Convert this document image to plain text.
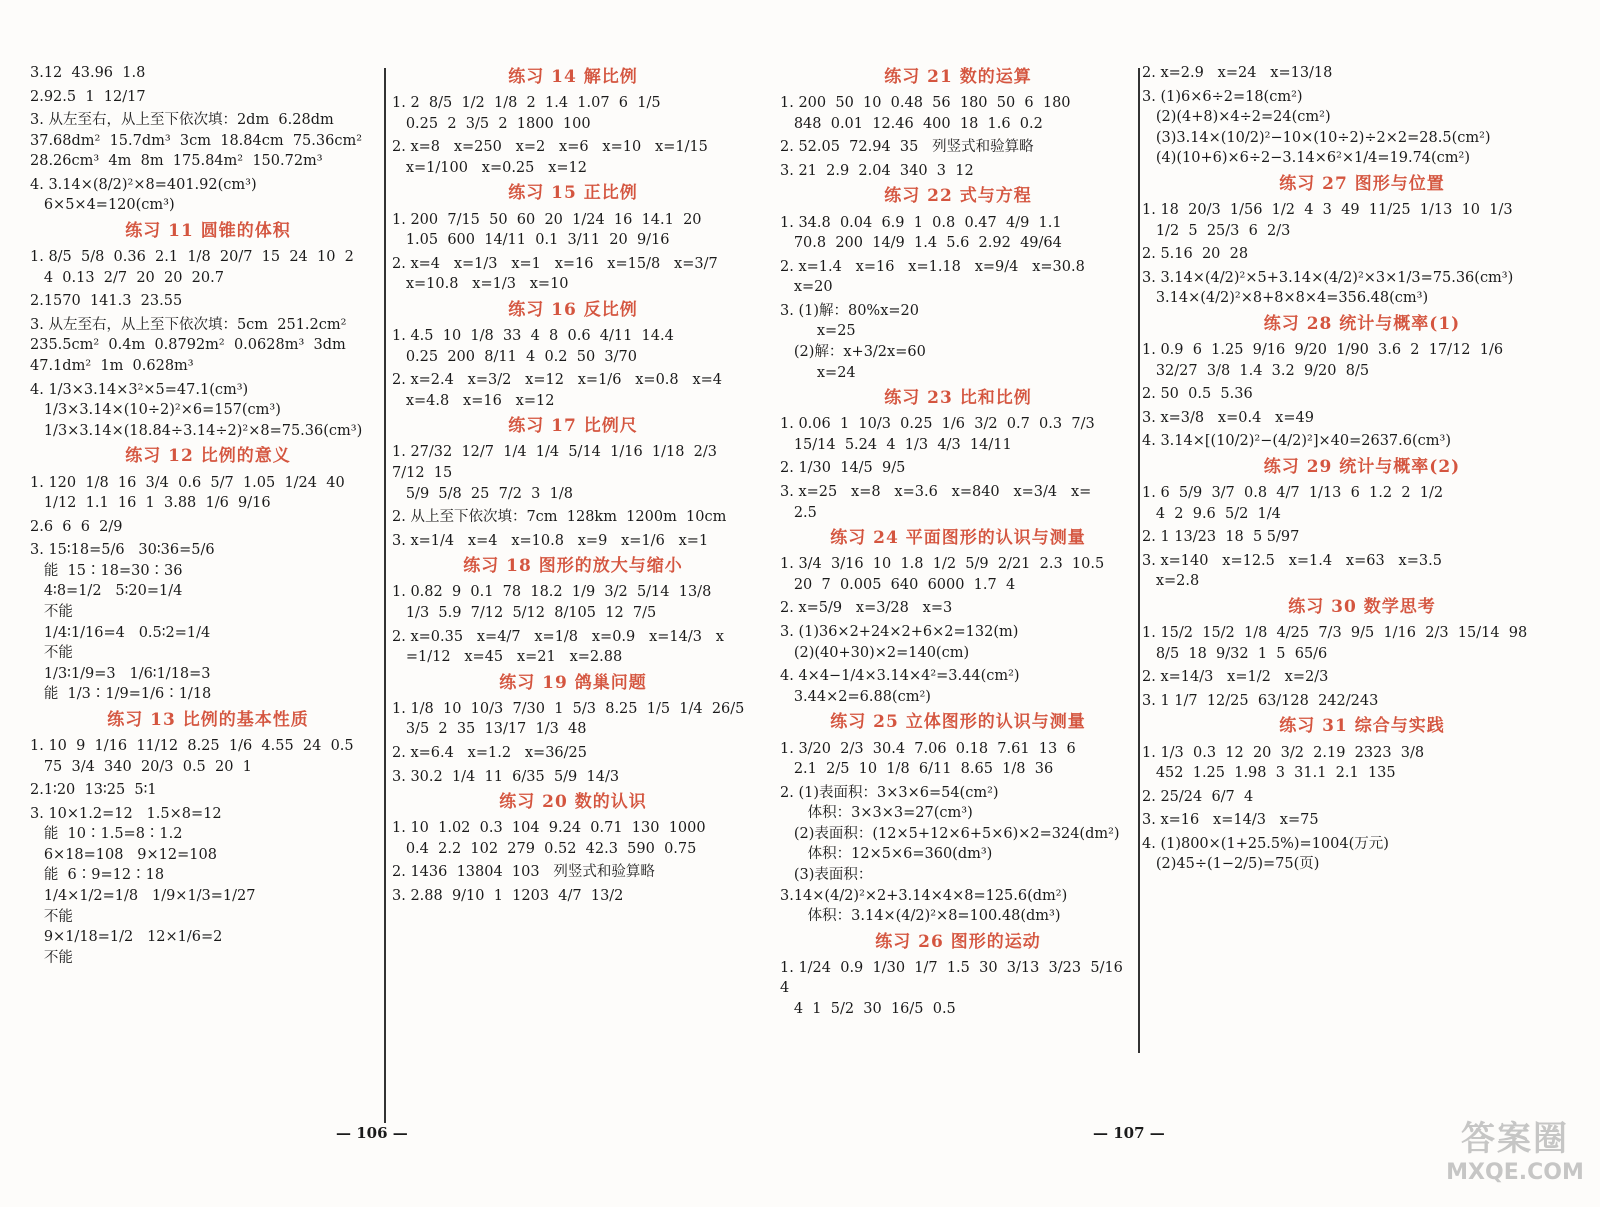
3.12  43.96  1.8
2.92.5  1  12/17
3. 从左至右，从上至下依次填：2dm  6.28dm  37.68dm²  15.7dm³  3cm  18.84cm  75.36cm²  28.26cm³  4m  8m  175.84m²  150.72m³
4. 3.14×(8/2)²×8=401.92(cm³)
6×5×4=120(cm³)
练习 11 圆锥的体积
1. 8/5  5/8  0.36  2.1  1/8  20/7  15  24  10  2
4  0.13  2/7  20  20  20.7
2.1570  141.3  23.55
3. 从左至右，从上至下依次填：5cm  251.2cm²  235.5cm²  0.4m  0.8792m²  0.0628m³  3dm  47.1dm²  1m  0.628m³
4. 1/3×3.14×3²×5=47.1(cm³)
1/3×3.14×(10÷2)²×6=157(cm³)
1/3×3.14×(18.84÷3.14÷2)²×8=75.36(cm³)
练习 12 比例的意义
1. 120  1/8  16  3/4  0.6  5/7  1.05  1/24  40
1/12  1.1  16  1  3.88  1/6  9/16
2.6  6  6  2/9
3. 15∶18=5/6   30∶36=5/6
能  15∶18=30∶36
4∶8=1/2   5∶20=1/4
不能
1/4∶1/16=4   0.5∶2=1/4
不能
1/3∶1/9=3   1/6∶1/18=3
能  1/3∶1/9=1/6∶1/18
练习 13 比例的基本性质
1. 10  9  1/16  11/12  8.25  1/6  4.55  24  0.5
75  3/4  340  20/3  0.5  20  1
2.1∶20  13∶25  5∶1
3. 10×1.2=12   1.5×8=12
能  10∶1.5=8∶1.2
6×18=108   9×12=108
能  6∶9=12∶18
1/4×1/2=1/8   1/9×1/3=1/27
不能
9×1/18=1/2   12×1/6=2
不能
练习 14 解比例
1. 2  8/5  1/2  1/8  2  1.4  1.07  6  1/5
0.25  2  3/5  2  1800  100
2. x=8   x=250   x=2   x=6   x=10   x=1/15
x=1/100   x=0.25   x=12
练习 15 正比例
1. 200  7/15  50  60  20  1/24  16  14.1  20
1.05  600  14/11  0.1  3/11  20  9/16
2. x=4   x=1/3   x=1   x=16   x=15/8   x=3/7
x=10.8   x=1/3   x=10
练习 16 反比例
1. 4.5  10  1/8  33  4  8  0.6  4/11  14.4
0.25  200  8/11  4  0.2  50  3/70
2. x=2.4   x=3/2   x=12   x=1/6   x=0.8   x=4
x=4.8   x=16   x=12
练习 17 比例尺
1. 27/32  12/7  1/4  1/4  5/14  1/16  1/18  2/3  7/12  15
5/9  5/8  25  7/2  3  1/8
2. 从上至下依次填：7cm  128km  1200m  10cm
3. x=1/4   x=4   x=10.8   x=9   x=1/6   x=1
练习 18 图形的放大与缩小
1. 0.82  9  0.1  78  18.2  1/9  3/2  5/14  13/8
1/3  5.9  7/12  5/12  8/105  12  7/5
2. x=0.35   x=4/7   x=1/8   x=0.9   x=14/3   x
=1/12   x=45   x=21   x=2.88
练习 19 鸽巢问题
1. 1/8  10  10/3  7/30  1  5/3  8.25  1/5  1/4  26/5
3/5  2  35  13/17  1/3  48
2. x=6.4   x=1.2   x=36/25
3. 30.2  1/4  11  6/35  5/9  14/3
练习 20 数的认识
1. 10  1.02  0.3  104  9.24  0.71  130  1000
0.4  2.2  102  279  0.52  42.3  590  0.75
2. 1436  13804  103   列竖式和验算略
3. 2.88  9/10  1  1203  4/7  13/2
练习 21 数的运算
1. 200  50  10  0.48  56  180  50  6  180
848  0.01  12.46  400  18  1.6  0.2
2. 52.05  72.94  35   列竖式和验算略
3. 21  2.9  2.04  340  3  12
练习 22 式与方程
1. 34.8  0.04  6.9  1  0.8  0.47  4/9  1.1
70.8  200  14/9  1.4  5.6  2.92  49/64
2. x=1.4   x=16   x=1.18   x=9/4   x=30.8
x=20
3. (1)解：80%x=20
x=25
(2)解：x+3/2x=60
x=24
练习 23 比和比例
1. 0.06  1  10/3  0.25  1/6  3/2  0.7  0.3  7/3
15/14  5.24  4  1/3  4/3  14/11
2. 1/30  14/5  9/5
3. x=25   x=8   x=3.6   x=840   x=3/4   x=
2.5
练习 24 平面图形的认识与测量
1. 3/4  3/16  10  1.8  1/2  5/9  2/21  2.3  10.5
20  7  0.005  640  6000  1.7  4
2. x=5/9   x=3/28   x=3
3. (1)36×2+24×2+6×2=132(m)
(2)(40+30)×2=140(cm)
4. 4×4−1/4×3.14×4²=3.44(cm²)
3.44×2=6.88(cm²)
练习 25 立体图形的认识与测量
1. 3/20  2/3  30.4  7.06  0.18  7.61  13  6
2.1  2/5  10  1/8  6/11  8.65  1/8  36
2. (1)表面积：3×3×6=54(cm²)
体积：3×3×3=27(cm³)
(2)表面积：(12×5+12×6+5×6)×2=324(dm²)
体积：12×5×6=360(dm³)
(3)表面积：3.14×(4/2)²×2+3.14×4×8=125.6(dm²)
体积：3.14×(4/2)²×8=100.48(dm³)
练习 26 图形的运动
1. 1/24  0.9  1/30  1/7  1.5  30  3/13  3/23  5/16  4
4  1  5/2  30  16/5  0.5
2. x=2.9   x=24   x=13/18
3. (1)6×6÷2=18(cm²)
(2)(4+8)×4÷2=24(cm²)
(3)3.14×(10/2)²−10×(10÷2)÷2×2=28.5(cm²)
(4)(10+6)×6÷2−3.14×6²×1/4=19.74(cm²)
练习 27 图形与位置
1. 18  20/3  1/56  1/2  4  3  49  11/25  1/13  10  1/3
1/2  5  25/3  6  2/3
2. 5.16  20  28
3. 3.14×(4/2)²×5+3.14×(4/2)²×3×1/3=75.36(cm³)
3.14×(4/2)²×8+8×8×4=356.48(cm³)
练习 28 统计与概率(1)
1. 0.9  6  1.25  9/16  9/20  1/90  3.6  2  17/12  1/6
32/27  3/8  1.4  3.2  9/20  8/5
2. 50  0.5  5.36
3. x=3/8   x=0.4   x=49
4. 3.14×[(10/2)²−(4/2)²]×40=2637.6(cm³)
练习 29 统计与概率(2)
1. 6  5/9  3/7  0.8  4/7  1/13  6  1.2  2  1/2
4  2  9.6  5/2  1/4
2. 1 13/23  18  5 5/97
3. x=140   x=12.5   x=1.4   x=63   x=3.5
x=2.8
练习 30 数学思考
1. 15/2  15/2  1/8  4/25  7/3  9/5  1/16  2/3  15/14  98
8/5  18  9/32  1  5  65/6
2. x=14/3   x=1/2   x=2/3
3. 1 1/7  12/25  63/128  242/243
练习 31 综合与实践
1. 1/3  0.3  12  20  3/2  2.19  2323  3/8
452  1.25  1.98  3  31.1  2.1  135
2. 25/24  6/7  4
3. x=16   x=14/3   x=75
4. (1)800×(1+25.5%)=1004(万元)
(2)45÷(1−2/5)=75(页)
— 106 —	— 107 —	答案圈
MXQE.COM
